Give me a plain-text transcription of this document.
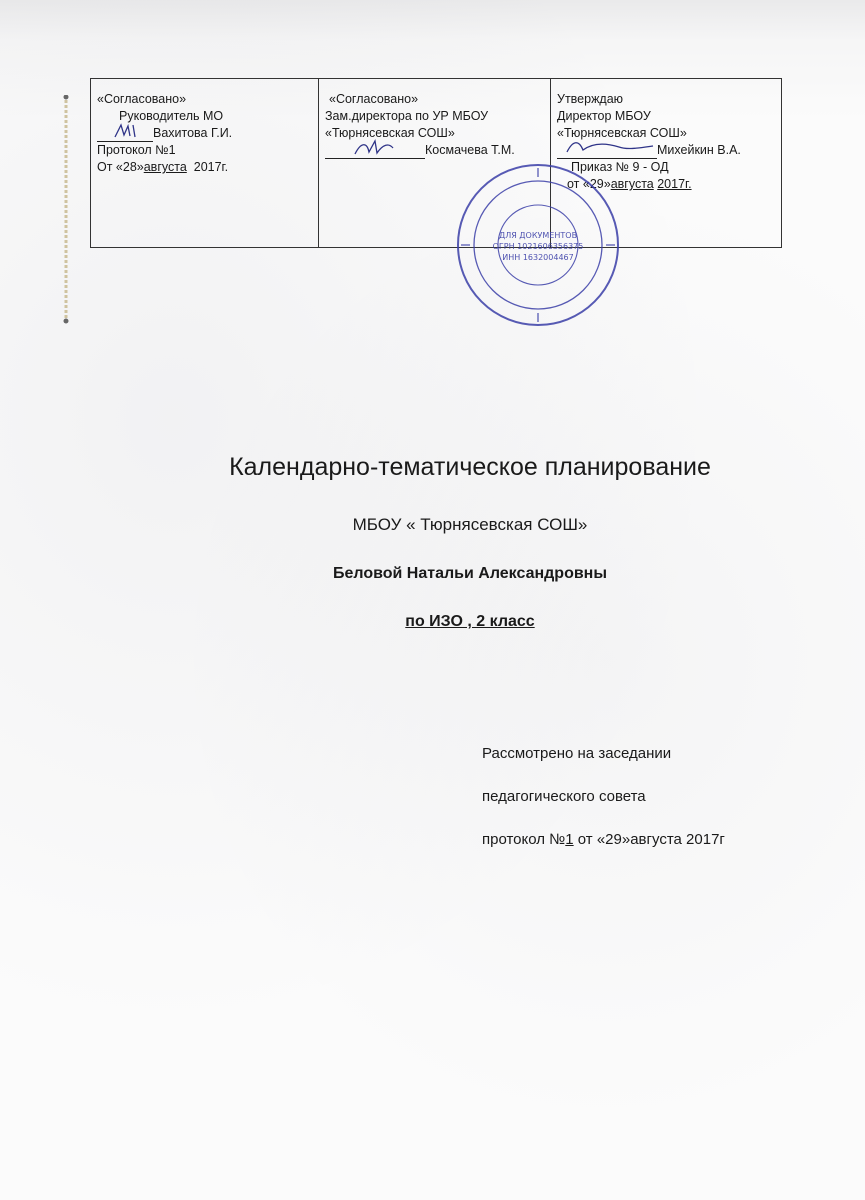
«Согласовано»
Руководитель МО
Вахитова Г.И.
Протокол №1
От «28»августа 2017г.
«Согласовано»
Зам.директора по УР МБОУ
«Тюрнясевская СОШ»
Космачева Т.М.
Утверждаю
Директор МБОУ
«Тюрнясевская СОШ»
Михейкин В.А.
Приказ № 9 - ОД
от «29»августа 2017г.
ДЛЯ ДОКУМЕНТОВ
ОГРН 1021606356375
ИНН 1632004467
Календарно-тематическое планирование
МБОУ « Тюрнясевская СОШ»
Беловой Натальи Александровны
по ИЗО , 2 класс
Рассмотрено на заседании
педагогического совета
протокол №1 от «29»августа 2017г
